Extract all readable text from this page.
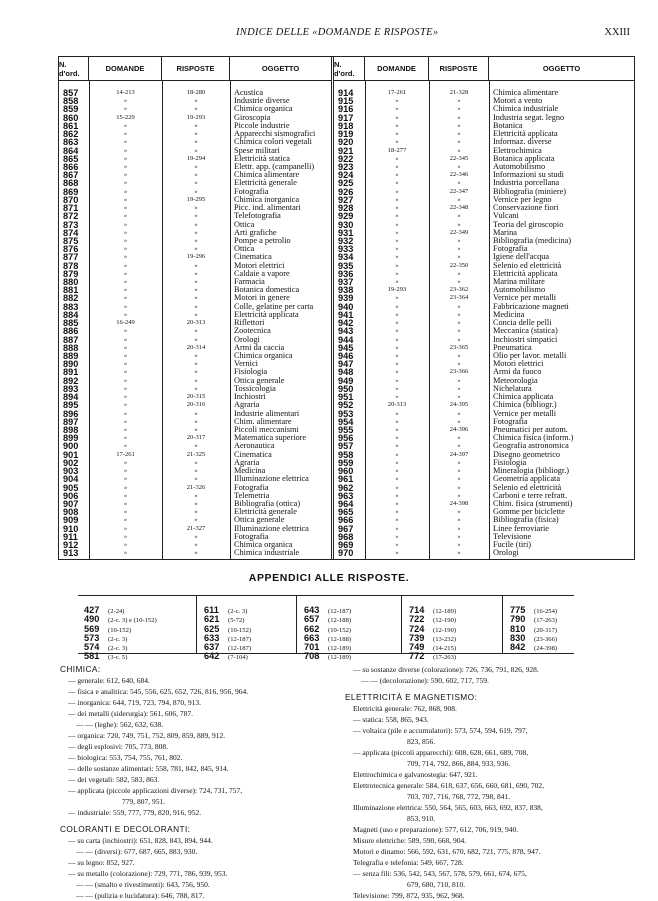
INDICE DELLE «DOMANDE E RISPOSTE»	XXIII
N. d'ord.	DOMANDE	RISPOSTE	OGGETTO
857	14-213	18-280	Acustica
858	»	»	Industrie diverse
859	»	»	Chimica organica
860	15-229	19-293	Giroscopia
861	»	»	Piccole industrie
862	»	»	Apparecchi sismografici
863	»	»	Chimica colori vegetali
864	»	»	Spese militari
865	»	19-294	Elettricità statica
866	»	»	Elettr. app. (campanelli)
867	»	»	Chimica alimentare
868	»	»	Elettricità generale
869	»	»	Fotografia
870	»	19-295	Chimica inorganica
871	»	»	Picc. ind. alimentari
872	»	»	Telefotografia
873	»	»	Ottica
874	»	»	Arti grafiche
875	»	»	Pompe a petrolio
876	»	»	Ottica
877	»	19-296	Cinematica
878	»	»	Motori elettrici
879	»	»	Caldaie a vapore
880	»	»	Farmacia
881	»	»	Botanica domestica
882	»	»	Motori in genere
883	»	»	Colle, gelatine per carta
884	»	»	Elettricità applicata
885	16-249	20-313	Riflettori
886	»	»	Zootecnica
887	»	»	Orologi
888	»	20-314	Armi da caccia
889	»	»	Chimica organica
890	»	»	Vernici
891	»	»	Fisiologia
892	»	»	Ottica generale
893	»	»	Tossicologia
894	»	20-315	Inchiostri
895	»	20-316	Agraria
896	»	»	Industrie alimentari
897	»	»	Chim. alimentare
898	»	»	Piccoli meccanismi
899	»	20-317	Matematica superiore
900	»	»	Aeronautica
901	17-261	21-325	Cinematica
902	»	»	Agraria
903	»	»	Medicina
904	»	»	Illuminazione elettrica
905	»	21-326	Fotografia
906	»	»	Telemetria
907	»	»	Bibliografia (ottica)
908	»	»	Elettricità generale
909	»	»	Ottica generale
910	»	21-327	Illuminazione elettrica
911	»	»	Fotografia
912	»	»	Chimica organica
913	»	»	Chimica industriale
N. d'ord.	DOMANDE	RISPOSTE	OGGETTO
914	17-261	21-328	Chimica alimentare
915	»	»	Motori a vento
916	»	»	Chimica industriale
917	»	»	Industria segat. legno
918	»	»	Botanica
919	»	»	Elettricità applicata
920	»	»	Informaz. diverse
921	18-277	»	Elettrochimica
922	»	22-345	Botanica applicata
923	»	»	Automobilismo
924	»	22-346	Informazioni su studi
925	»	»	Industria porcellana
926	»	22-347	Bibliografia (miniere)
927	»	»	Vernice per legno
928	»	22-348	Conservazione fiori
929	»	»	Vulcani
930	»	»	Teoria del giroscopio
931	»	22-349	Marina
932	»	»	Bibliografia (medicina)
933	»	»	Fotografia
934	»	»	Igiene dell'acqua
935	»	22-350	Selenio ed elettricità
936	»	»	Elettricità applicata
937	»	»	Marina militare
938	19-293	23-362	Automobilismo
939	»	23-364	Vernice per metalli
940	»	»	Fabbricazione magneti
941	»	»	Medicina
942	»	»	Concia delle pelli
943	»	»	Meccanica (statica)
944	»	»	Inchiostri simpatici
945	»	23-365	Pneumatica
946	»	»	Olio per lavor. metalli
947	»	»	Motori elettrici
948	»	23-366	Armi da fuoco
949	»	»	Meteorologia
950	»	»	Nichelatura
951	»	»	Chimica applicata
952	20-313	24-395	Chimica (bibliogr.)
953	»	»	Vernice per metalli
954	»	»	Fotografia
955	»	24-396	Pneumatici per autom.
956	»	»	Chimica fisica (inform.)
957	»	»	Geografia astronomica
958	»	24-397	Disegno geometrico
959	»	»	Fisiologia
960	»	»	Mineralogia (bibliogr.)
961	»	»	Geometria applicata
962	»	»	Selenio ed elettricità
963	»	»	Carboni e terre refratt.
964	»	24-398	Chim. fisica (strumenti)
965	»	»	Gomme per biciclette
966	»	»	Bibliografia (fisica)
967	»	»	Linee ferroviarie
968	»	»	Televisione
969	»	»	Fucile (tiri)
970	»	»	Orologi
APPENDICI ALLE RISPOSTE.
427 (2-24)
490 (2-c. 3) e (10-152)
569 (10-152)
573 (2-c. 3)
574 (2-c. 3)
581 (3-c. 5)
611 (2-c. 3)
621 (5-72)
625 (10-152)
633 (12-187)
637 (12-187)
642 (7-104)
643 (12-187)
657 (12-188)
662 (10-152)
663 (12-188)
701 (12-189)
708 (12-189)
714 (12-189)
722 (12-190)
724 (12-190)
739 (13-232)
749 (14-215)
772 (17-263)
775 (16-254)
790 (17-263)
810 (20-317)
830 (23-366)
842 (24-398)
CHIMICA:
— generale: 612, 640, 684.
— fisica e analitica: 545, 556, 625, 652, 726, 816, 956, 964.
— inorganica: 644, 719, 723, 794, 870, 913.
— dei metalli (siderurgia): 561, 606, 787.
— — (leghe): 562, 632, 638.
— organica: 720, 749, 751, 752, 809, 859, 889, 912.
— degli esplosivi: 705, 773, 808.
— biologica: 553, 754, 755, 761, 802.
— delle sostanze alimentari: 558, 781, 842, 845, 914.
— dei vegetali: 582, 583, 863.
— applicata (piccole applicazioni diverse): 724, 731, 757,
779, 807, 951.
— industriale: 559, 777, 779, 820, 916, 952.
COLORANTI E DECOLORANTI:
— su carta (inchiostri): 651, 828, 843, 894, 944.
— — (diversi): 677, 687, 665, 883, 930.
— su legno: 852, 927.
— su metallo (colorazione): 729, 771, 786, 939, 953.
— — (smalto e rivestimenti): 643, 756, 950.
— — (pulizia e lucidatura): 646, 788, 817.
— su sostanze diverse (colorazione): 726, 736, 791, 826, 928.
— — (decolorazione): 590, 602, 717, 759.
ELETTRICITÀ E MAGNETISMO:
Elettricità generale: 762, 868, 908.
— statica: 558, 865, 943.
— voltaica (pile e accumulatori): 573, 574, 594, 619, 797,
823, 856.
— applicata (piccoli apparecchi): 608, 628, 661, 689, 708,
709, 714, 792, 866, 884, 933, 936.
Elettrochimica e galvanostegia: 647, 921.
Elettrotecnica generale: 584, 618, 637, 656, 660, 681, 690, 702,
703, 707, 716, 768, 772, 798, 841.
Illuminazione elettrica: 550, 564, 565, 603, 663, 692, 837, 838,
853, 910.
Magneti (uso e preparazione): 577, 612, 706, 919, 940.
Misure elettriche: 589, 590, 668, 904.
Motori e dinamo: 566, 592, 631, 670, 682, 721, 775, 878, 947.
Telegrafia e telefonia: 549, 667, 728.
— senza fili: 536, 542, 543, 567, 578, 579, 661, 674, 675,
679, 680, 710, 810.
Televisione: 799, 872, 935, 962, 968.
